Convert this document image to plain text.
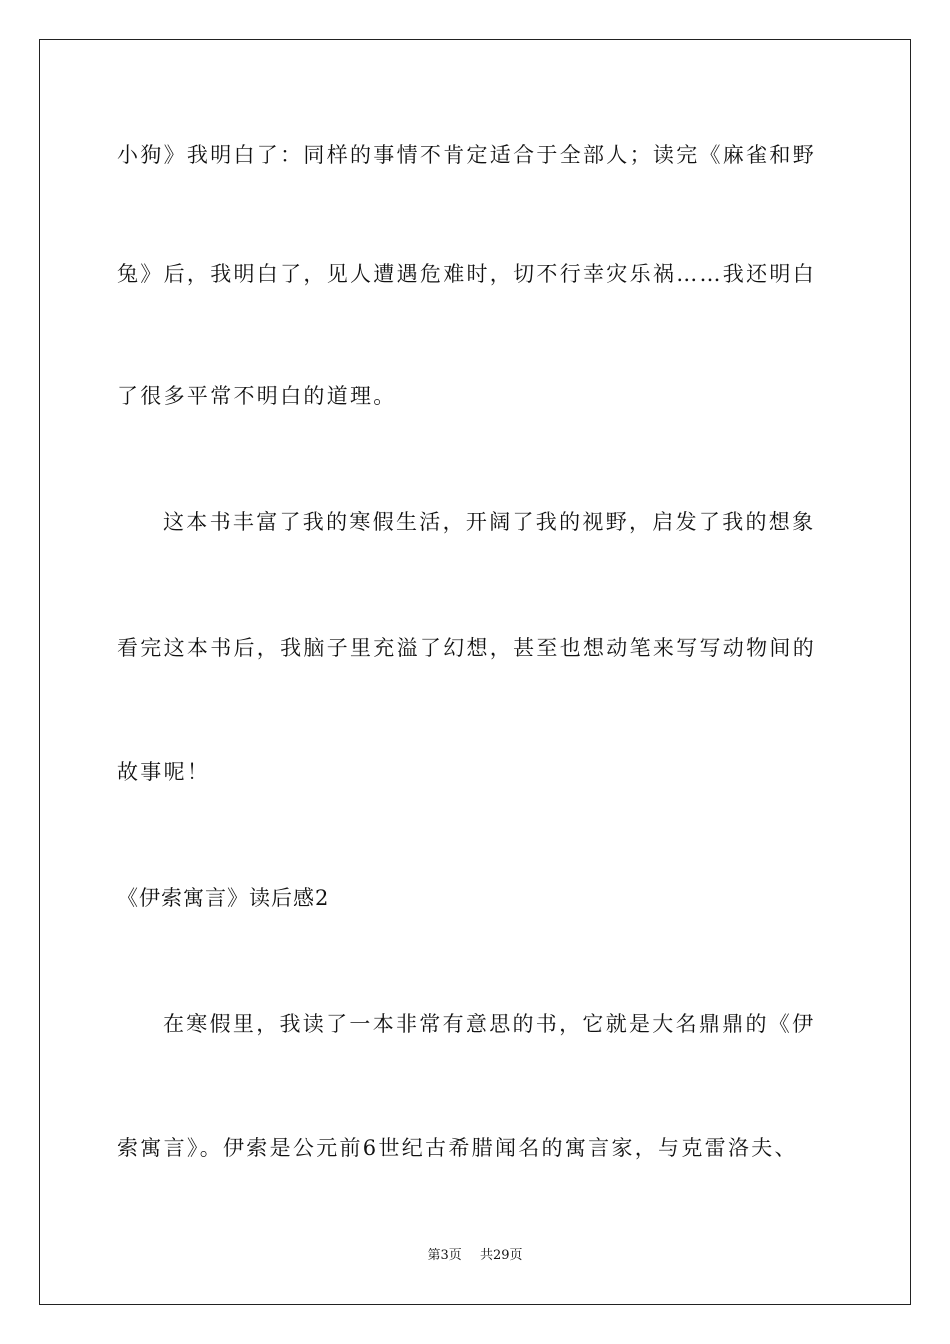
小狗》我明白了：同样的事情不肯定适合于全部人；读完《麻雀和野
兔》后，我明白了，见人遭遇危难时，切不行幸灾乐祸……我还明白
了很多平常不明白的道理。
这本书丰富了我的寒假生活，开阔了我的视野，启发了我的想象
看完这本书后，我脑子里充溢了幻想，甚至也想动笔来写写动物间的
故事呢！
《伊索寓言》读后感2
在寒假里，我读了一本非常有意思的书，它就是大名鼎鼎的《伊
索寓言》。伊索是公元前6世纪古希腊闻名的寓言家，与克雷洛夫、
第3页 共29页
